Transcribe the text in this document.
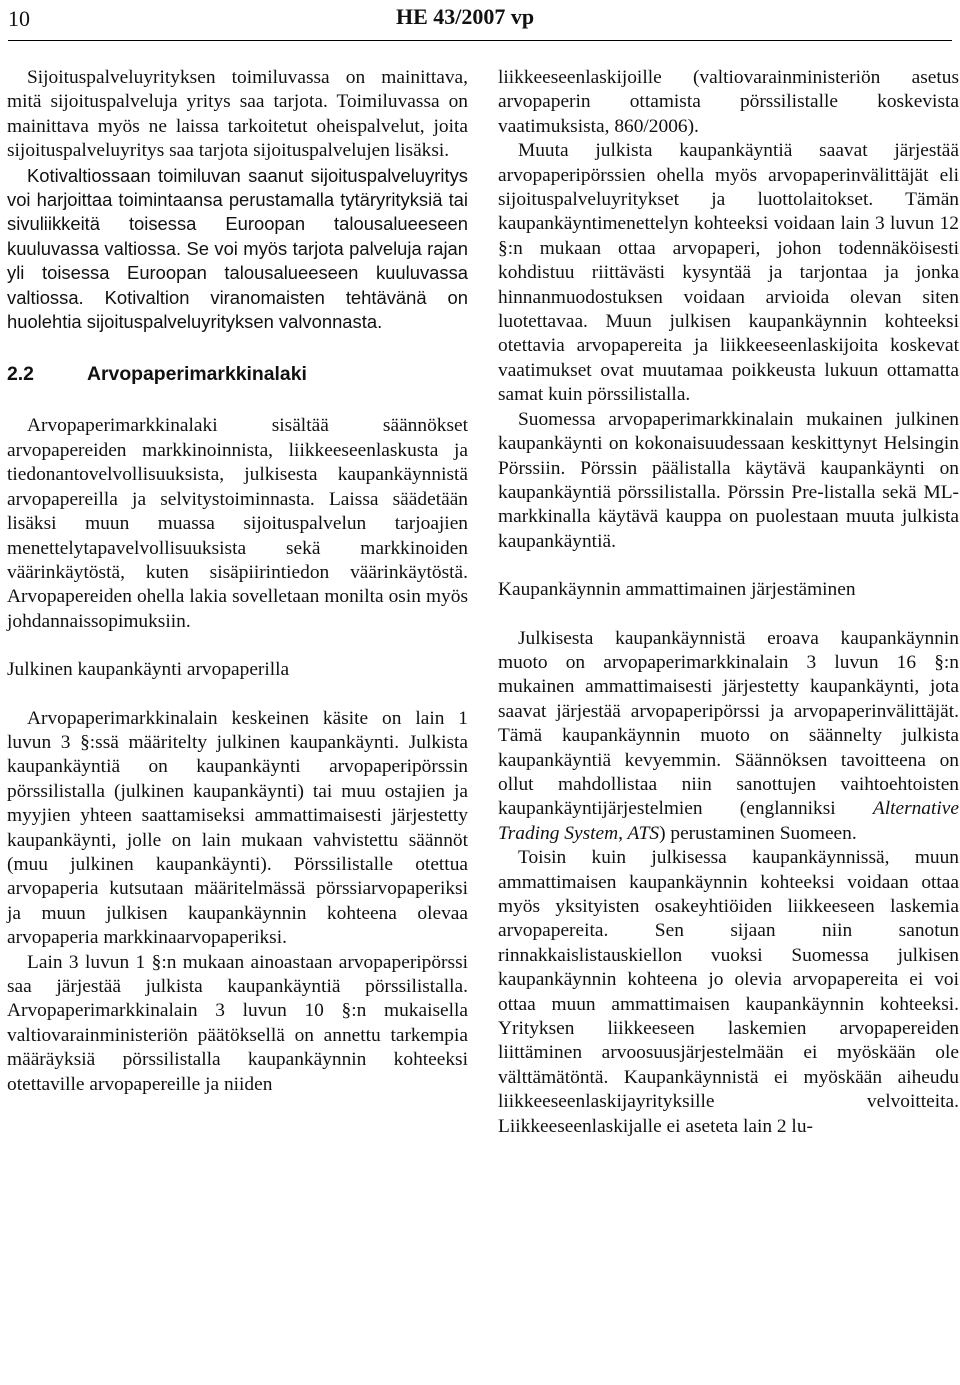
10	HE 43/2007 vp

Sijoituspalveluyrityksen toimiluvassa on mainittava, mitä sijoituspalveluja yritys saa tarjota. Toimiluvassa on mainittava myös ne laissa tarkoitetut oheispalvelut, joita sijoituspalveluyritys saa tarjota sijoituspalvelujen lisäksi.

Kotivaltiossaan toimiluvan saanut sijoituspalveluyritys voi harjoittaa toimintaansa perustamalla tytäryrityksiä tai sivuliikkeitä toisessa Euroopan talousalueeseen kuuluvassa valtiossa. Se voi myös tarjota palveluja rajan yli toisessa Euroopan talousalueeseen kuuluvassa valtiossa. Kotivaltion viranomaisten tehtävänä on huolehtia sijoituspalveluyrityksen valvonnasta.

2.2	Arvopaperimarkkinalaki

Arvopaperimarkkinalaki sisältää säännökset arvopapereiden markkinoinnista, liikkeeseenlaskusta ja tiedonantovelvollisuuksista, julkisesta kaupankäynnistä arvopapereilla ja selvitystoiminnasta. Laissa säädetään lisäksi muun muassa sijoituspalvelun tarjoajien menettelytapavelvollisuuksista sekä markkinoiden väärinkäytöstä, kuten sisäpiirintiedon väärinkäytöstä. Arvopapereiden ohella lakia sovelletaan monilta osin myös johdannaissopimuksiin.

Julkinen kaupankäynti arvopaperilla

Arvopaperimarkkinalain keskeinen käsite on lain 1 luvun 3 §:ssä määritelty julkinen kaupankäynti. Julkista kaupankäyntiä on kaupankäynti arvopaperipörssin pörssilistalla (julkinen kaupankäynti) tai muu ostajien ja myyjien yhteen saattamiseksi ammattimaisesti järjestetty kaupankäynti, jolle on lain mukaan vahvistettu säännöt (muu julkinen kaupankäynti). Pörssilistalle otettua arvopaperia kutsutaan määritelmässä pörssiarvopaperiksi ja muun julkisen kaupankäynnin kohteena olevaa arvopaperia markkinaarvopaperiksi.

Lain 3 luvun 1 §:n mukaan ainoastaan arvopaperipörssi saa järjestää julkista kaupankäyntiä pörssilistalla. Arvopaperimarkkinalain 3 luvun 10 §:n mukaisella valtiovarainministeriön päätöksellä on annettu tarkempia määräyksiä pörssilistalla kaupankäynnin kohteeksi otettaville arvopapereille ja niiden

liikkeeseenlaskijoille (valtiovarainministeriön asetus arvopaperin ottamista pörssilistalle koskevista vaatimuksista, 860/2006).

Muuta julkista kaupankäyntiä saavat järjestää arvopaperipörssien ohella myös arvopaperinvälittäjät eli sijoituspalveluyritykset ja luottolaitokset. Tämän kaupankäyntimenettelyn kohteeksi voidaan lain 3 luvun 12 §:n mukaan ottaa arvopaperi, johon todennäköisesti kohdistuu riittävästi kysyntää ja tarjontaa ja jonka hinnanmuodostuksen voidaan arvioida olevan siten luotettavaa. Muun julkisen kaupankäynnin kohteeksi otettavia arvopapereita ja liikkeeseenlaskijoita koskevat vaatimukset ovat muutamaa poikkeusta lukuun ottamatta samat kuin pörssilistalla.

Suomessa arvopaperimarkkinalain mukainen julkinen kaupankäynti on kokonaisuudessaan keskittynyt Helsingin Pörssiin. Pörssin päälistalla käytävä kaupankäynti on kaupankäyntiä pörssilistalla. Pörssin Pre-listalla sekä ML-markkinalla käytävä kauppa on puolestaan muuta julkista kaupankäyntiä.

Kaupankäynnin ammattimainen järjestäminen

Julkisesta kaupankäynnistä eroava kaupankäynnin muoto on arvopaperimarkkinalain 3 luvun 16 §:n mukainen ammattimaisesti järjestetty kaupankäynti, jota saavat järjestää arvopaperipörssi ja arvopaperinvälittäjät. Tämä kaupankäynnin muoto on säännelty julkista kaupankäyntiä kevyemmin. Säännöksen tavoitteena on ollut mahdollistaa niin sanottujen vaihtoehtoisten kaupankäyntijärjestelmien (englanniksi Alternative Trading System, ATS) perustaminen Suomeen.

Toisin kuin julkisessa kaupankäynnissä, muun ammattimaisen kaupankäynnin kohteeksi voidaan ottaa myös yksityisten osakeyhtiöiden liikkeeseen laskemia arvopapereita. Sen sijaan niin sanotun rinnakkaislistauskiellon vuoksi Suomessa julkisen kaupankäynnin kohteena jo olevia arvopapereita ei voi ottaa muun ammattimaisen kaupankäynnin kohteeksi. Yrityksen liikkeeseen laskemien arvopapereiden liittäminen arvoosuusjärjestelmään ei myöskään ole välttämätöntä. Kaupankäynnistä ei myöskään aiheudu liikkeeseenlaskijayrityksille velvoitteita. Liikkeeseenlaskijalle ei aseteta lain 2 lu-
